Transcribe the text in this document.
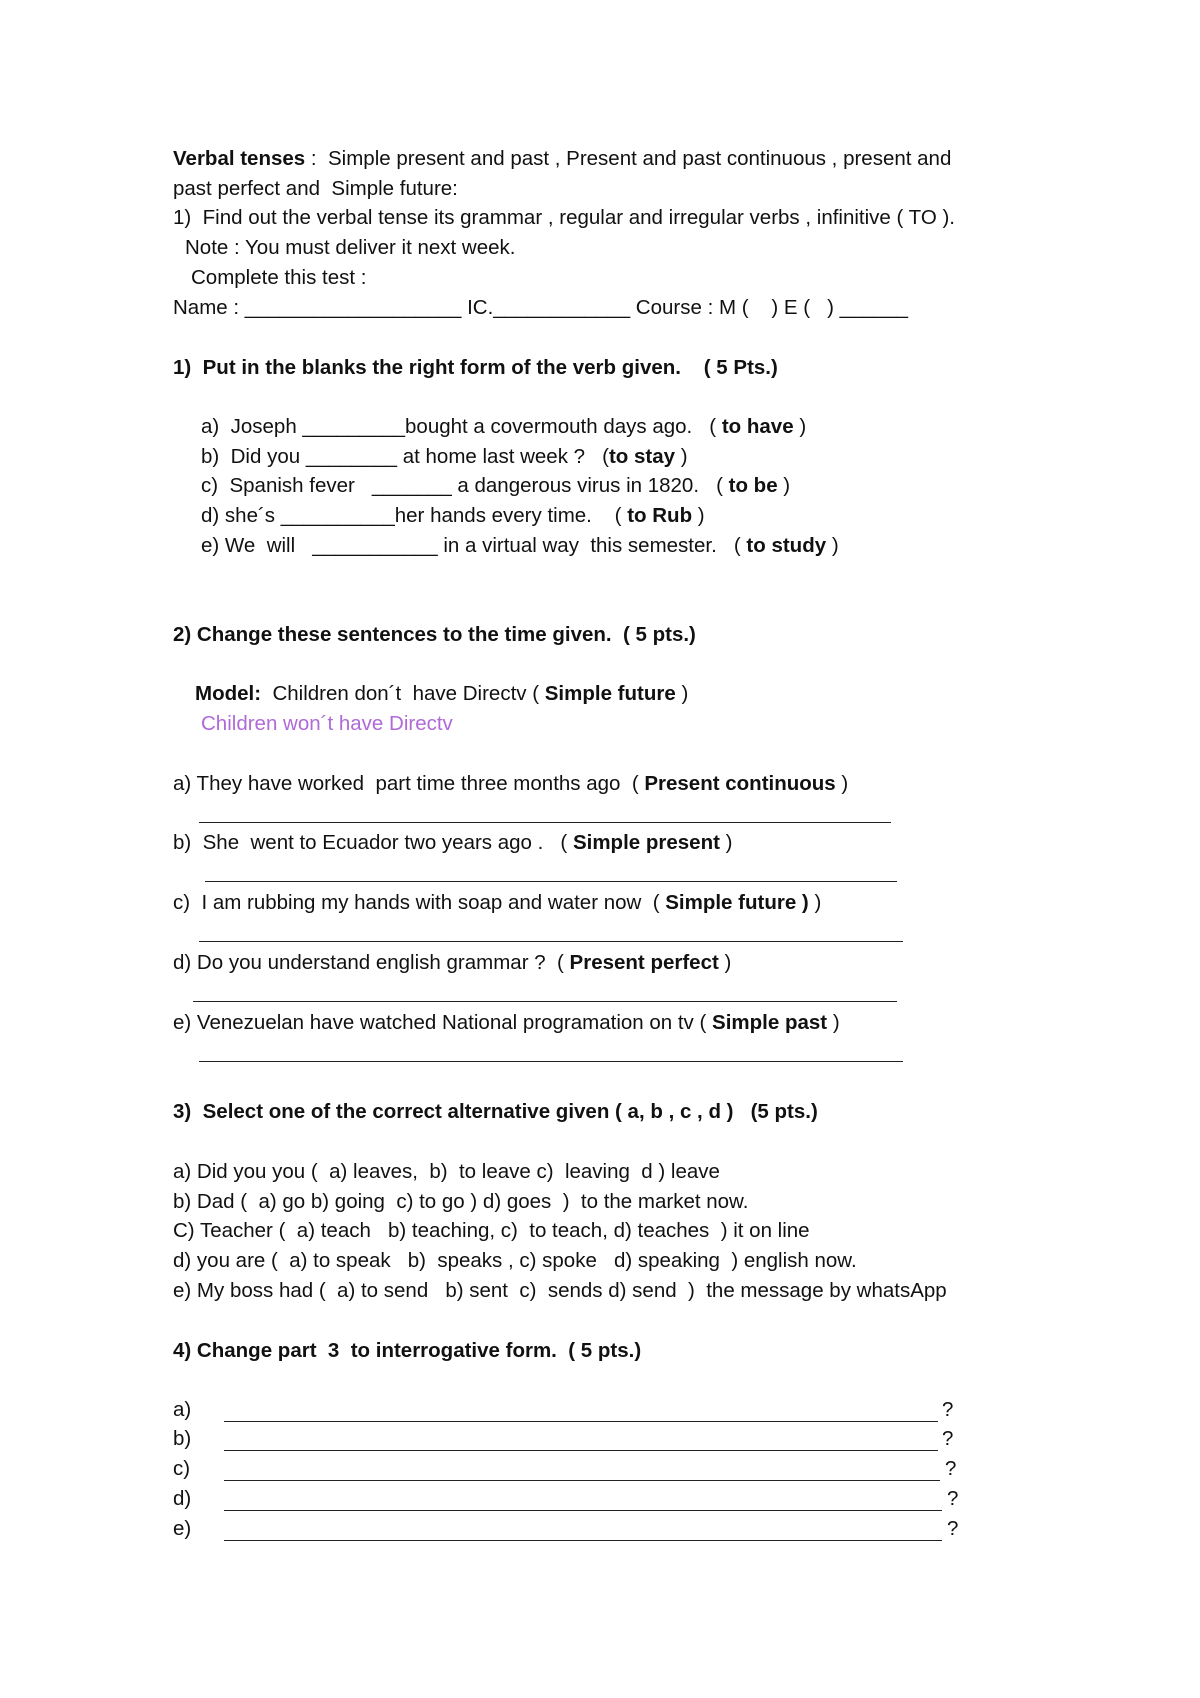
Verbal tenses :  Simple present and past , Present and past continuous , present and
past perfect and  Simple future:
1)  Find out the verbal tense its grammar , regular and irregular verbs , infinitive ( TO ).
Note : You must deliver it next week.
Complete this test :
Name : ___________________ IC.____________ Course : M (    ) E (   ) ______
1)  Put in the blanks the right form of the verb given.    ( 5 Pts.)
a)  Joseph _________bought a covermouth days ago.   ( to have )
b)  Did you ________ at home last week ?   (to stay )
c)  Spanish fever   _______ a dangerous virus in 1820.   ( to be )
d) she´s __________her hands every time.    ( to Rub )
e) We  will   ___________ in a virtual way  this semester.   ( to study )
2) Change these sentences to the time given.  ( 5 pts.)
Model:  Children don´t  have Directv ( Simple future )
Children won´t have Directv
a) They have worked  part time three months ago  ( Present continuous )
b)  She  went to Ecuador two years ago .   ( Simple present )
c)  I am rubbing my hands with soap and water now  ( Simple future ) )
d) Do you understand english grammar ?  ( Present perfect )
e) Venezuelan have watched National programation on tv ( Simple past )
3)  Select one of the correct alternative given ( a, b , c , d )   (5 pts.)
a) Did you you (  a) leaves,  b)  to leave c)  leaving  d ) leave
b) Dad (  a) go b) going  c) to go ) d) goes  )  to the market now.
C) Teacher (  a) teach   b) teaching, c)  to teach, d) teaches  ) it on line
d) you are (  a) to speak   b)  speaks , c) spoke   d) speaking  ) english now.
e) My boss had (  a) to send   b) sent  c)  sends d) send  )  the message by whatsApp
4) Change part  3  to interrogative form.  ( 5 pts.)
a)	?
b)	?
c)	?
d)	?
e)	?
